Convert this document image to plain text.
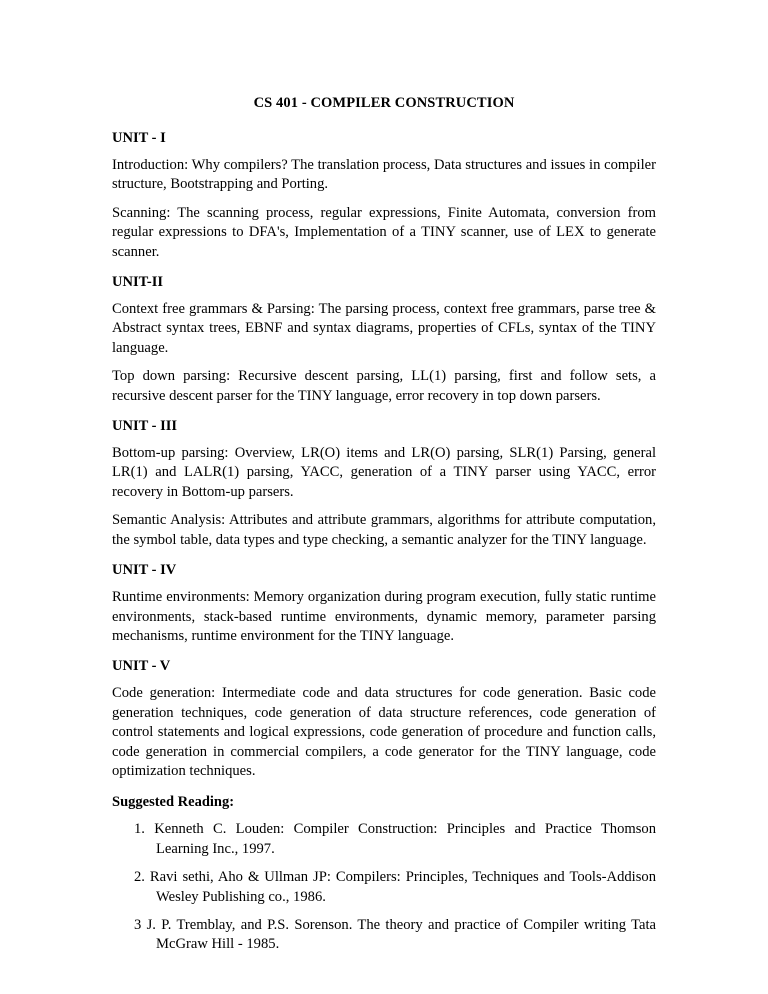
CS 401 - COMPILER CONSTRUCTION
UNIT - I

Introduction: Why compilers? The translation process, Data structures and issues in compiler structure, Bootstrapping and Porting.

Scanning: The scanning process, regular expressions, Finite Automata, conversion from regular expressions to DFA's, Implementation of a TINY scanner, use of LEX to generate scanner.

UNIT-II

Context free grammars & Parsing: The parsing process, context free grammars, parse tree & Abstract syntax trees, EBNF and syntax diagrams, properties of CFLs, syntax of the TINY language.

Top down parsing: Recursive descent parsing, LL(1) parsing, first and follow sets, a recursive descent parser for the TINY language, error recovery in top down parsers.

UNIT - III

Bottom-up parsing: Overview, LR(O) items and LR(O) parsing, SLR(1) Parsing, general LR(1) and LALR(1) parsing, YACC, generation of a TINY parser using YACC, error recovery in Bottom-up parsers.

Semantic Analysis: Attributes and attribute grammars, algorithms for attribute computation, the symbol table, data types and type checking, a semantic analyzer for the TINY language.

UNIT - IV

Runtime environments: Memory organization during program execution, fully static runtime environments, stack-based runtime environments, dynamic memory, parameter parsing mechanisms, runtime environment for the TINY language.

UNIT - V

Code generation: Intermediate code and data structures for code generation. Basic code generation techniques, code generation of data structure references, code generation of control statements and logical expressions, code generation of procedure and function calls, code generation in commercial compilers, a code generator for the TINY language, code optimization techniques.

Suggested Reading:
1. Kenneth C. Louden: Compiler Construction: Principles and Practice Thomson Learning Inc., 1997.
2. Ravi sethi, Aho & Ullman JP: Compilers: Principles, Techniques and Tools-Addison Wesley Publishing co., 1986.
3 J. P. Tremblay, and P.S. Sorenson. The theory and practice of Compiler writing Tata McGraw Hill - 1985.
